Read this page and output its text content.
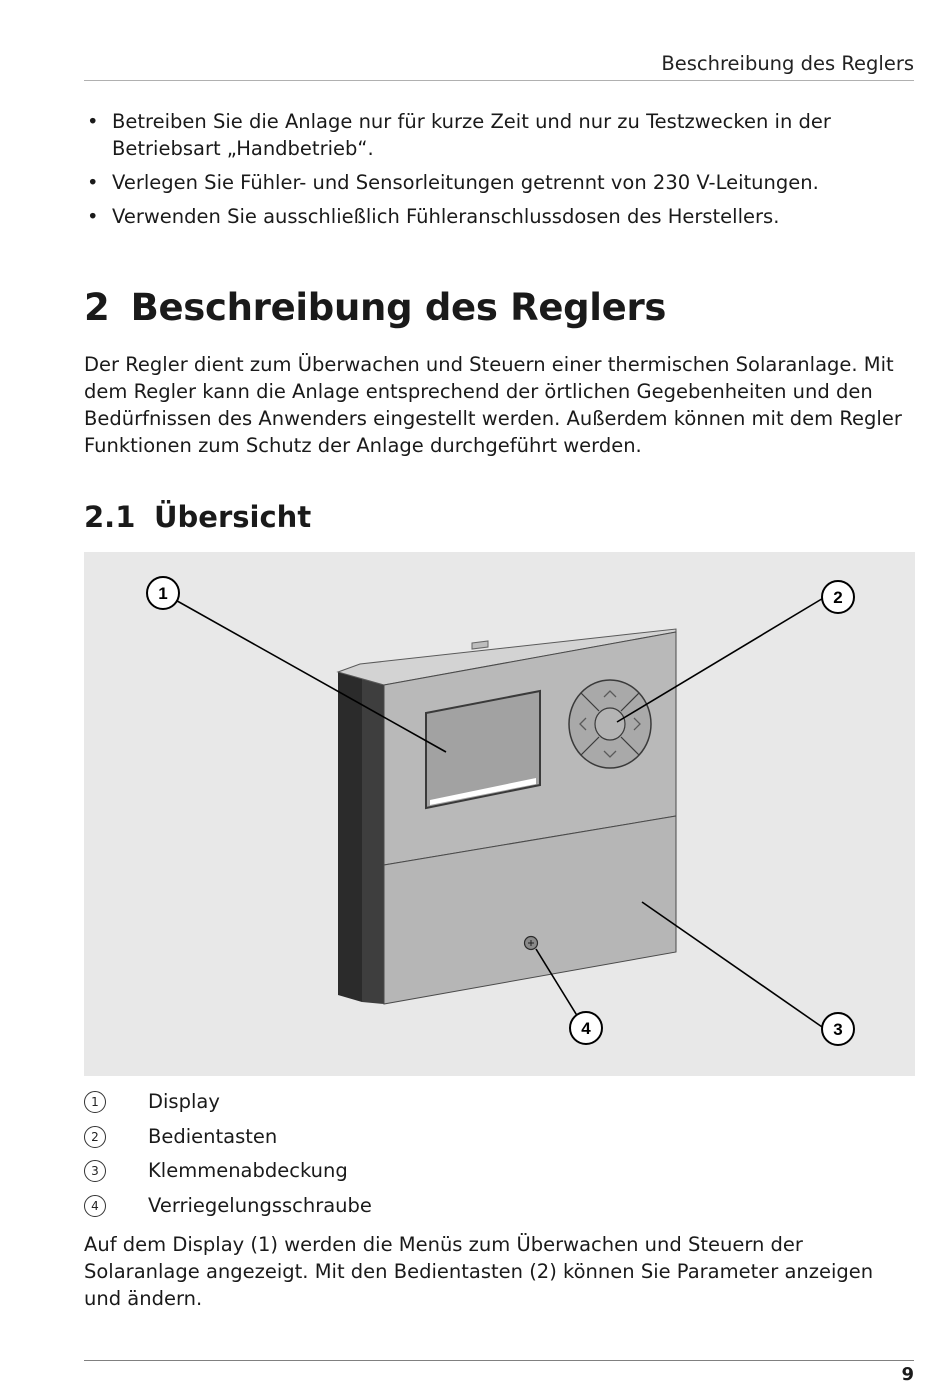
Beschreibung des Reglers
• Betreiben Sie die Anlage nur für kurze Zeit und nur zu Testzwecken in der Betriebsart „Handbetrieb“.
• Verlegen Sie Fühler- und Sensorleitungen getrennt von 230 V-Leitungen.
• Verwenden Sie ausschließlich Fühleranschlussdosen des Herstellers.
2 Beschreibung des Reglers

Der Regler dient zum Überwachen und Steuern einer thermischen Solaranlage. Mit dem Regler kann die Anlage entsprechend der örtlichen Gegebenheiten und den Bedürfnissen des Anwenders eingestellt werden. Außerdem können mit dem Regler Funktionen zum Schutz der Anlage durchgeführt werden.

2.1 Übersicht
1	2
3
4
1	Display
2	Bedientasten
3	Klemmenabdeckung
4	Verriegelungsschraube

Auf dem Display (1) werden die Menüs zum Überwachen und Steuern der Solaranlage angezeigt. Mit den Bedientasten (2) können Sie Parameter anzeigen und ändern.

9
